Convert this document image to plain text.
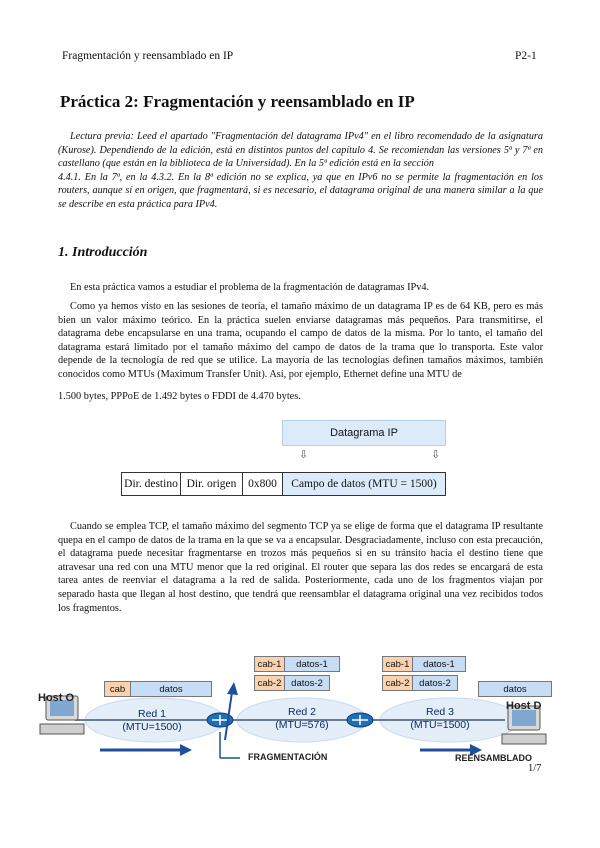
Fragmentación y reensamblado en IP	P2-1
Práctica 2: Fragmentación y reensamblado en IP

Lectura previa: Leed el apartado "Fragmentación del datagrama IPv4" en el libro recomendado de la asignatura (Kurose). Dependiendo de la edición, está en distintos puntos del capítulo 4. Se recomiendan las versiones 5ª y 7ª en castellano (que están en la biblioteca de la Universidad). En la 5ª edición está en la sección

4.4.1. En la 7ª, en la 4.3.2. En la 8ª edición no se explica, ya que en IPv6 no se permite la fragmentación en los routers, aunque sí en origen, que fragmentará, si es necesario, el datagrama original de una manera similar a la que se describe en esta práctica para IPv4.

1. Introducción

En esta práctica vamos a estudiar el problema de la fragmentación de datagramas IPv4.

Como ya hemos visto en las sesiones de teoría, el tamaño máximo de un datagrama IP es de 64 KB, pero es más bien un valor máximo teórico. En la práctica suelen enviarse datagramas más pequeños. Para transmitirse, el datagrama debe encapsularse en una trama, ocupando el campo de datos de la misma. Por lo tanto, el tamaño del datagrama estará limitado por el tamaño máximo del campo de datos de la trama que lo transporta. Este valor depende de la tecnología de red que se utilice. La mayoría de las tecnologías definen tamaños máximos, también conocidos como MTUs (Maximum Transfer Unit). Así, por ejemplo, Ethernet define una MTU de

1.500 bytes, PPPoE de 1.492 bytes o FDDI de 4.470 bytes.

Datagrama IP
⇩	⇩
Dir. destino Dir. origen	0x800	Campo de datos (MTU = 1500)

Cuando se emplea TCP, el tamaño máximo del segmento TCP ya se elige de forma que el datagrama IP resultante quepa en el campo de datos de la trama en la que se va a encapsular. Desgraciadamente, incluso con esta precaución, el datagrama puede necesitar fragmentarse en trozos más pequeños si en su tránsito hacia el destino tiene que atravesar una red con una MTU menor que la red original. El router que separa las dos redes se encargará de esta tarea antes de reenviar el datagrama a la red de salida. Posteriormente, cada uno de los fragmentos viajan por separado hasta que llegan al host destino, que tendrá que reensamblar el datagrama original una vez recibidos todos los fragmentos.

Host O
Host D
Red 1
(MTU=1500)
Red 2
(MTU=576)
Red 3
(MTU=1500)
cab	datos
cab-1	datos-1
cab-2	datos-2
cab-1	datos-1
cab-2	datos-2
datos
FRAGMENTACIÓN	REENSAMBLADO
1/7
